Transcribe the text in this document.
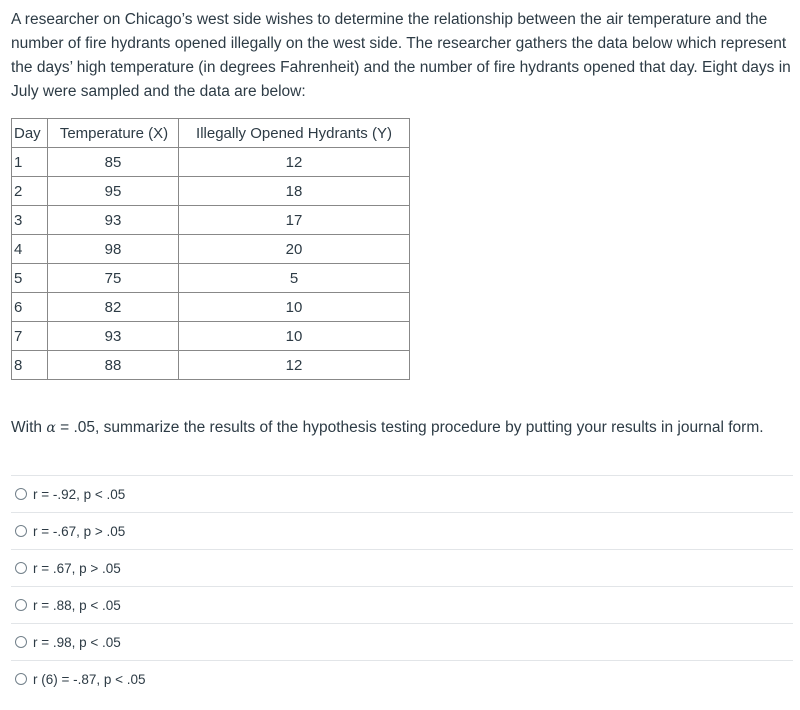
A researcher on Chicago’s west side wishes to determine the relationship between the air temperature and the number of fire hydrants opened illegally on the west side. The researcher gathers the data below which represent the days’ high temperature (in degrees Fahrenheit) and the number of fire hydrants opened that day. Eight days in July were sampled and the data are below:

Day	Temperature (X)	Illegally Opened Hydrants (Y)
1	85	12
2	95	18
3	93	17
4	98	20
5	75	5
6	82	10
7	93	10
8	88	12

With α = .05, summarize the results of the hypothesis testing procedure by putting your results in journal form.

r = -.92, p < .05
r = -.67, p > .05
r = .67, p > .05
r = .88, p < .05
r = .98, p < .05
r (6) = -.87, p < .05
